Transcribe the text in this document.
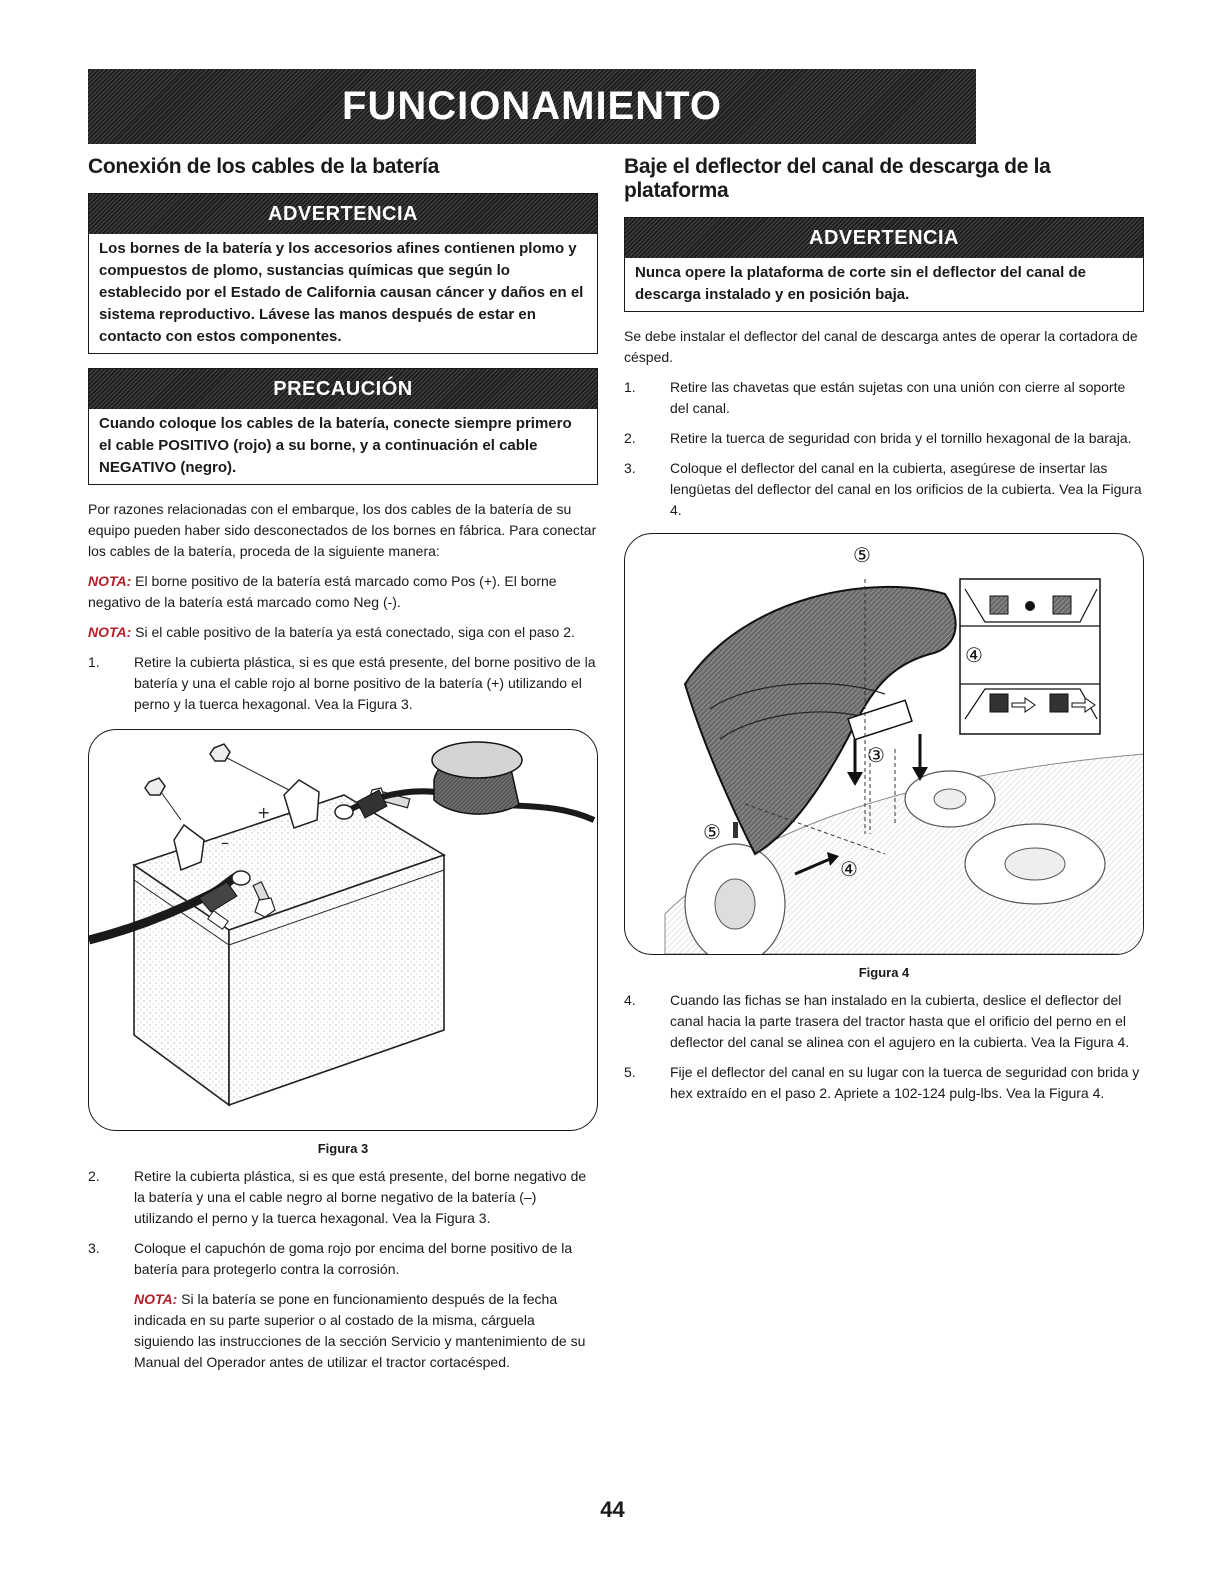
FUNCIONAMIENTO
Conexión de los cables de la batería
ADVERTENCIA
Los bornes de la batería y los accesorios afines contienen plomo y compuestos de plomo, sustancias químicas que según lo establecido por el Estado de California causan cáncer y daños en el sistema reproductivo. Lávese las manos después de estar en contacto con estos componentes.
PRECAUCIÓN
Cuando coloque los cables de la batería, conecte siempre primero el cable POSITIVO (rojo) a su borne, y a continuación el cable NEGATIVO (negro).

Por razones relacionadas con el embarque, los dos cables de la batería de su equipo pueden haber sido desconectados de los bornes en fábrica. Para conectar los cables de la batería, proceda de la siguiente manera:

NOTA: El borne positivo de la batería está marcado como Pos (+). El borne negativo de la batería está marcado como Neg (-).

NOTA: Si el cable positivo de la batería ya está conectado, siga con el paso 2.

1. Retire la cubierta plástica, si es que está presente, del borne positivo de la batería y una el cable rojo al borne positivo de la batería (+) utilizando el perno y la tuerca hexagonal. Vea la Figura 3.
+
–
Figura 3
2. Retire la cubierta plástica, si es que está presente, del borne negativo de la batería y una el cable negro al borne negativo de la batería (–) utilizando el perno y la tuerca hexagonal. Vea la Figura 3.
3. Coloque el capuchón de goma rojo por encima del borne positivo de la batería para protegerlo contra la corrosión.

NOTA: Si la batería se pone en funcionamiento después de la fecha indicada en su parte superior o al costado de la misma, cárguela siguiendo las instrucciones de la sección Servicio y mantenimiento de su Manual del Operador antes de utilizar el tractor cortacésped.

Baje el deflector del canal de descarga de la plataforma
ADVERTENCIA
Nunca opere la plataforma de corte sin el deflector del canal de descarga instalado y en posición baja.

Se debe instalar el deflector del canal de descarga antes de operar la cortadora de césped.

1. Retire las chavetas que están sujetas con una unión con cierre al soporte del canal.
2. Retire la tuerca de seguridad con brida y el tornillo hexagonal de la baraja.
3. Coloque el deflector del canal en la cubierta, asegúrese de insertar las lengüetas del deflector del canal en los orificios de la cubierta. Vea la Figura 4.
⑤
④
③
⑤
④
Figura 4
4. Cuando las fichas se han instalado en la cubierta, deslice el deflector del canal hacia la parte trasera del tractor hasta que el orificio del perno en el deflector del canal se alinea con el agujero en la cubierta. Vea la Figura 4.
5. Fije el deflector del canal en su lugar con la tuerca de seguridad con brida y hex extraído en el paso 2. Apriete a 102-124 pulg-lbs. Vea la Figura 4.
44
